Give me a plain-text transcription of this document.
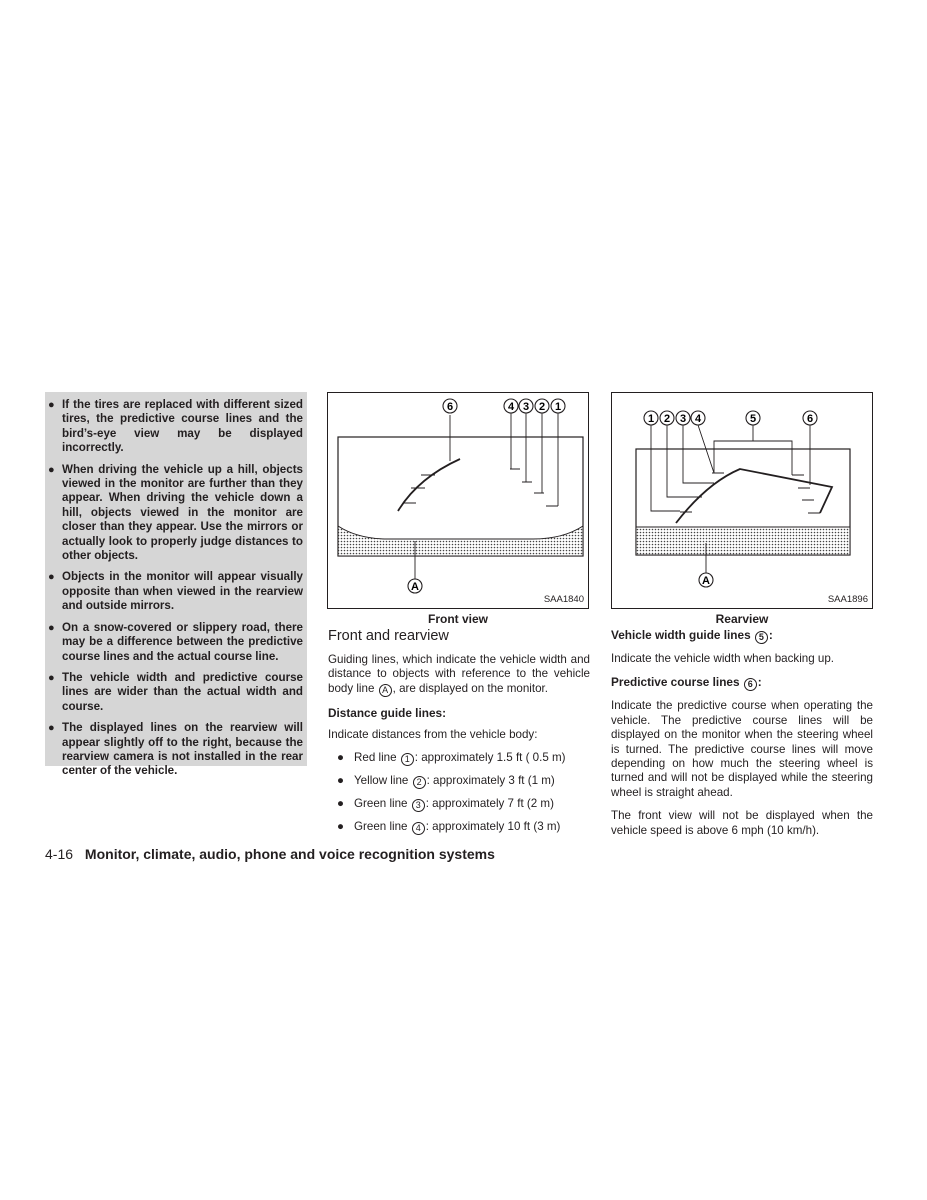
● If the tires are replaced with different sized tires, the predictive course lines and the bird’s-eye view may be displayed incorrectly.
● When driving the vehicle up a hill, objects viewed in the monitor are further than they appear. When driving the vehicle down a hill, objects viewed in the monitor are closer than they appear. Use the mirrors or actually look to properly judge distances to other objects.
● Objects in the monitor will appear visually opposite than when viewed in the rearview and outside mirrors.
● On a snow-covered or slippery road, there may be a difference between the predictive course lines and the actual course line.
● The vehicle width and predictive course lines are wider than the actual width and course.
● The displayed lines on the rearview will appear slightly off to the right, because the rearview camera is not installed in the rear center of the vehicle.
6	4 3 2 1
A
SAA1840
Front view
1 2 3 4	5	6
A
SAA1896
Rearview
Front and rearview

Guiding lines, which indicate the vehicle width and distance to objects with reference to the vehicle body line A , are displayed on the monitor.

Distance guide lines:

Indicate distances from the vehicle body:

● Red line 1 : approximately 1.5 ft ( 0.5 m)
● Yellow line 2 : approximately 3 ft (1 m)
● Green line 3 : approximately 7 ft (2 m)
● Green line 4 : approximately 10 ft (3 m)
Vehicle width guide lines 5 :

Indicate the vehicle width when backing up.

Predictive course lines 6 :

Indicate the predictive course when operating the vehicle. The predictive course lines will be displayed on the monitor when the steering wheel is turned. The predictive course lines will move depending on how much the steering wheel is turned and will not be displayed while the steering wheel is straight ahead.

The front view will not be displayed when the vehicle speed is above 6 mph (10 km/h).

4-16 Monitor, climate, audio, phone and voice recognition systems
